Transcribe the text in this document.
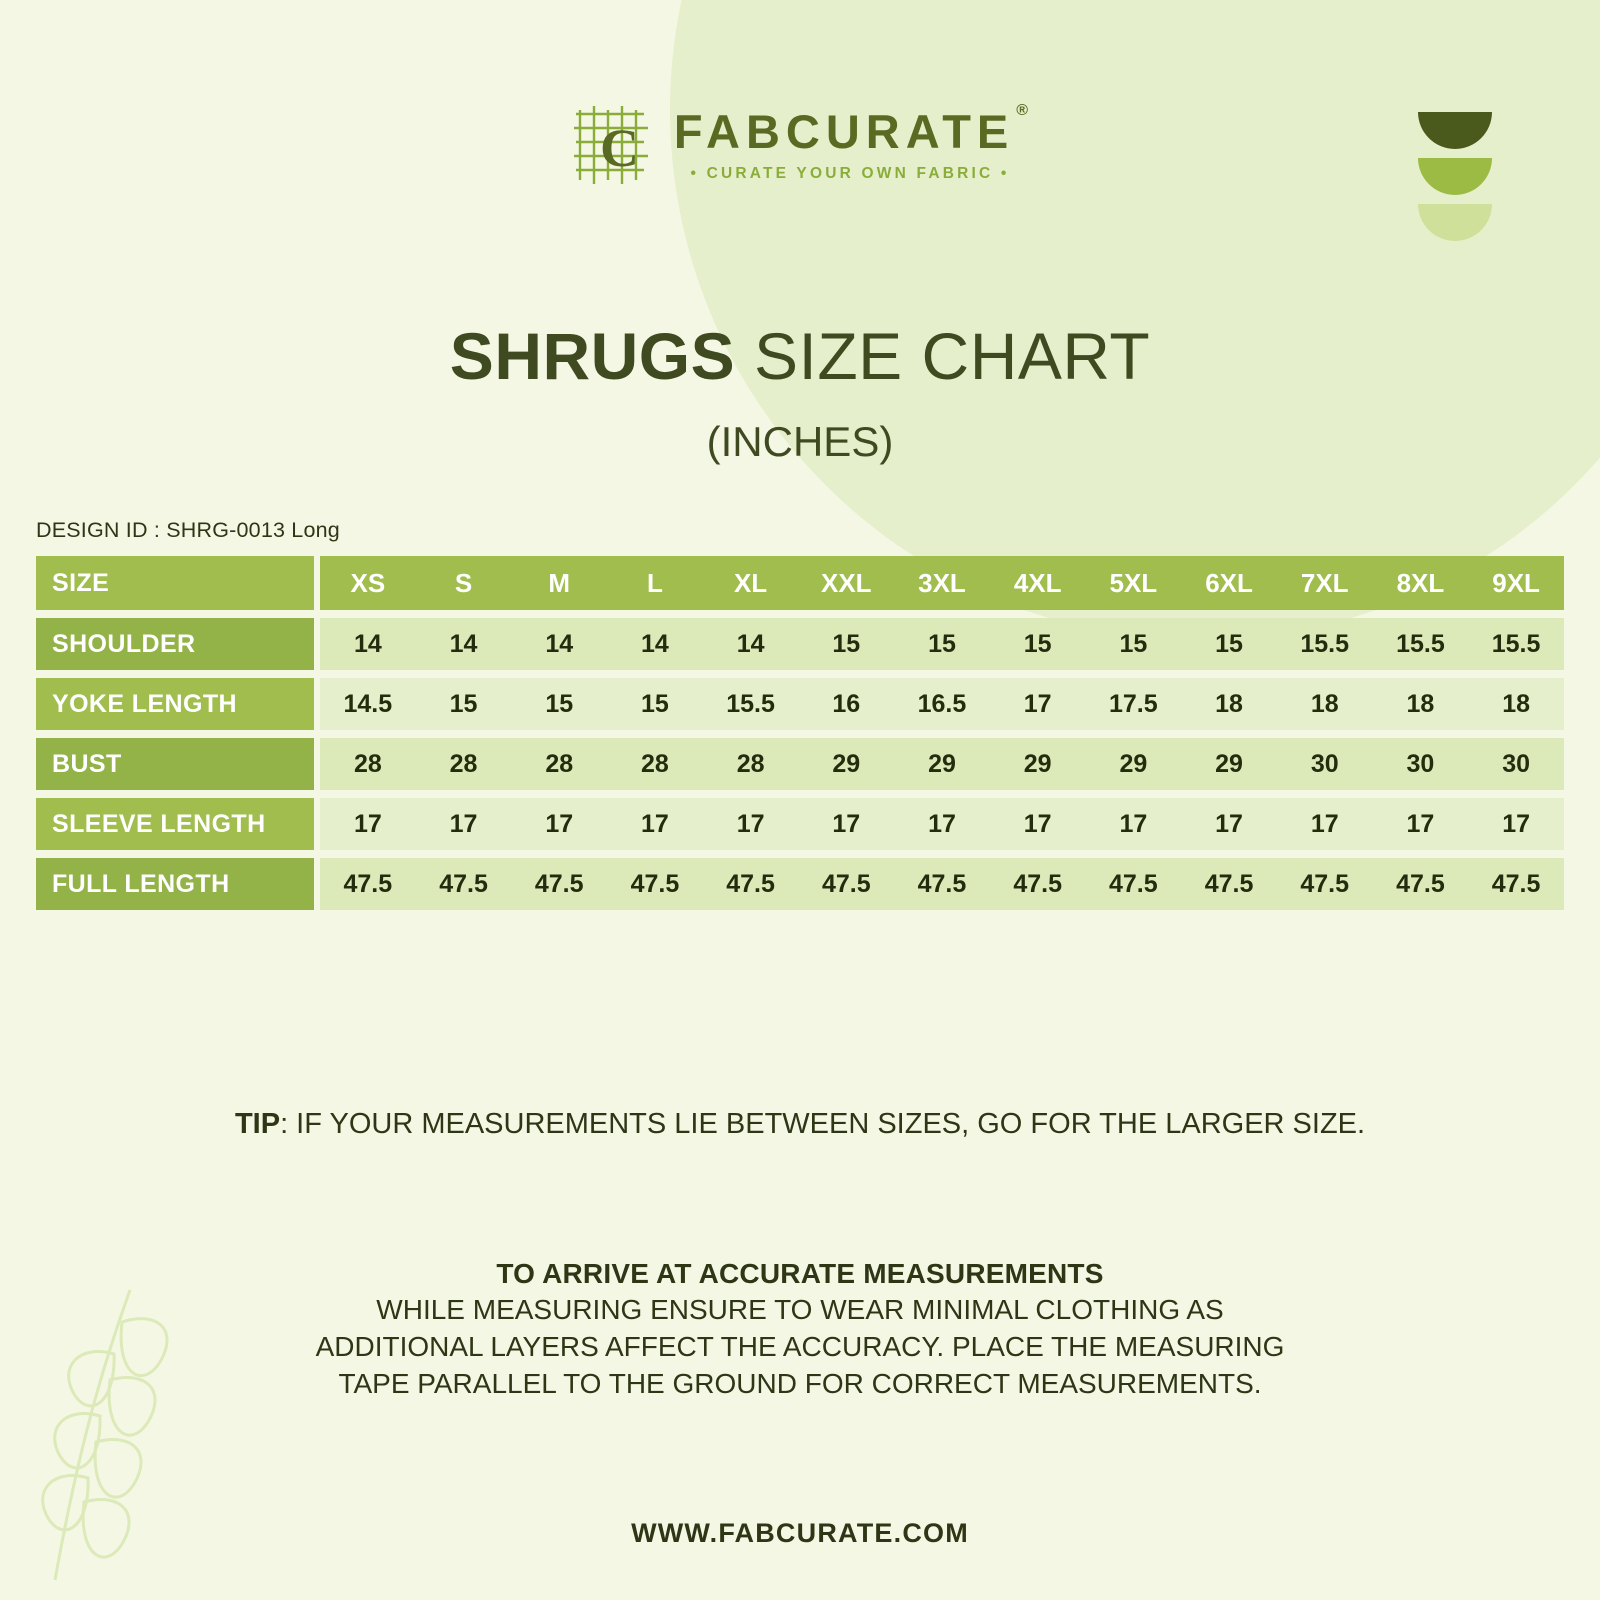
C FABCURATE ®
• CURATE YOUR OWN FABRIC •
SHRUGS SIZE CHART
(INCHES)
DESIGN ID : SHRG-0013 Long
SIZE	XS	S	M	L	XL	XXL	3XL	4XL	5XL	6XL	7XL	8XL	9XL
SHOULDER	14	14	14	14	14	15	15	15	15	15	15.5	15.5	15.5
YOKE LENGTH	14.5	15	15	15	15.5	16	16.5	17	17.5	18	18	18	18
BUST	28	28	28	28	28	29	29	29	29	29	30	30	30
SLEEVE LENGTH	17	17	17	17	17	17	17	17	17	17	17	17	17
FULL LENGTH	47.5	47.5	47.5	47.5	47.5	47.5	47.5	47.5	47.5	47.5	47.5	47.5	47.5
TIP: IF YOUR MEASUREMENTS LIE BETWEEN SIZES, GO FOR THE LARGER SIZE.
TO ARRIVE AT ACCURATE MEASUREMENTS
WHILE MEASURING ENSURE TO WEAR MINIMAL CLOTHING AS
ADDITIONAL LAYERS AFFECT THE ACCURACY. PLACE THE MEASURING
TAPE PARALLEL TO THE GROUND FOR CORRECT MEASUREMENTS.
WWW.FABCURATE.COM
